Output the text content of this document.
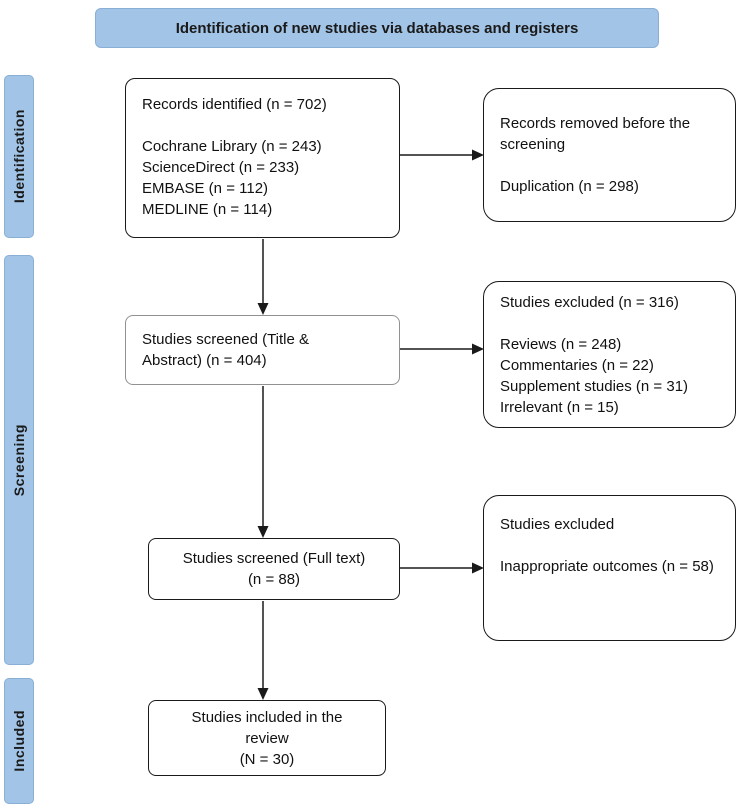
Identification of new studies via databases and registers
Identification
Screening
Included
Records identified (n = 702)
Cochrane Library (n = 243)
ScienceDirect (n = 233)
EMBASE (n = 112)
MEDLINE (n = 114)
Records removed before the screening
Duplication (n = 298)
Studies screened (Title &
Abstract) (n = 404)
Studies excluded (n = 316)
Reviews (n = 248)
Commentaries (n = 22)
Supplement studies (n = 31)
Irrelevant (n = 15)
Studies screened (Full text)
(n = 88)
Studies excluded
Inappropriate outcomes (n = 58)
Studies included in the
review
(N = 30)
